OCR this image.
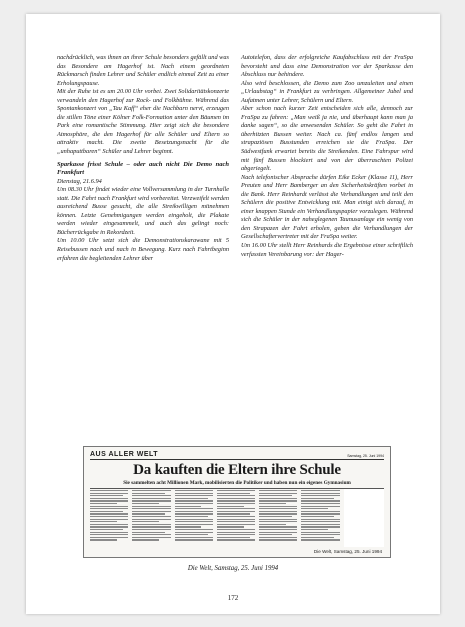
nachdrücklich, was ihnen an ihrer Schule besonders gefällt und was das Besondere am Hagerhof ist. Nach einem geordneten Rückmarsch finden Lehrer und Schüler endlich einmal Zeit zu einer Erholungspause.

Mit der Ruhe ist es um 20.00 Uhr vorbei. Zwei Solidaritätskonzerte verwandeln den Hagerhof zur Rock- und Folkbühne. Während das Spontankonzert von „Tau Kaff“ eher die Nachbarn nervt, erzeugen die stillen Töne einer Kölner Folk-Formation unter den Bäumen im Park eine romantische Stimmung. Hier zeigt sich die besondere Atmosphäre, die den Hagerhof für alle Schüler und Eltern so attraktiv macht. Die zweite Besetzungsnacht für die „unhaputtbaren“ Schüler und Lehrer beginnt.

Sparkasse frisst Schule – oder auch nicht Die Demo nach Frankfurt

Dienstag, 21.6.94

Um 08.30 Uhr findet wieder eine Vollversammlung in der Turnhalle statt. Die Fahrt nach Frankfurt wird vorbereitet. Verzweifelt werden ausreichend Busse gesucht, die alle Streikwilligen mitnehmen können. Letzte Genehmigungen werden eingeholt, die Plakate werden wieder eingesammelt, und auch das gelingt noch: Bücherrückgabe in Rekordzeit.

Um 10.00 Uhr setzt sich die Demonstrationskarawane mit 5 Reisebussen nach und nach in Bewegung. Kurz nach Fahrtbeginn erfahren die begleitenden Lehrer über

Autotelefon, dass der erfolgreiche Kaufabschluss mit der FraSpa bevorsteht und dass eine Demonstration vor der Sparkasse den Abschluss nur behindere.

Also wird beschlossen, die Demo zum Zoo umzuleiten und einen „Urlaubstag“ in Frankfurt zu verbringen. Allgemeiner Jubel und Aufatmen unter Lehrer, Schülern und Eltern.

Aber schon nach kurzer Zeit entscheiden sich alle, dennoch zur FraSpa zu fahren: „Man weiß ja nie, und überhaupt kann man ja danke sagen“, so die anwesenden Schüler. So geht die Fahrt in überhitzten Bussen weiter. Nach ca. fünf endlos langen und strapaziösen Busstunden erreichen sie die FraSpa. Der Südwestfunk erwartet bereits die Streikenden. Eine Fahrspur wird mit fünf Bussen blockiert und von der überraschten Polizei abgeriegelt.

Nach telefonischer Absprache dürfen Eike Ecker (Klasse 11), Herr Preuten und Herr Bamberger an den Sicherheitskräften vorbei in die Bank. Herr Reinhardt verlässt die Verhandlungen und teilt den Schülern die positive Entwicklung mit. Man einigt sich darauf, in einer knappen Stunde ein Verhandlungspapier vorzulegen. Während sich die Schüler in der naheglegenen Taunusanlage ein wenig von den Strapazen der Fahrt erholen, geben die Verhandlungen der Gesellschaftervertreter mit der FraSpa weiter.

Um 16.00 Uhr stellt Herr Reinhards die Ergebnisse einer schriftlich verfassten Vereinbarung vor: der Hager-

AUS ALLER WELT	Samstag, 25. Juni 1994
Da kauften die Eltern ihre Schule
Sie sammelten acht Millionen Mark, mobilisierten die Politiker und haben nun ein eigenes Gymnasium
Die Welt, Samstag, 25. Juni 1994
Die Welt, Samstag, 25. Juni 1994
172
